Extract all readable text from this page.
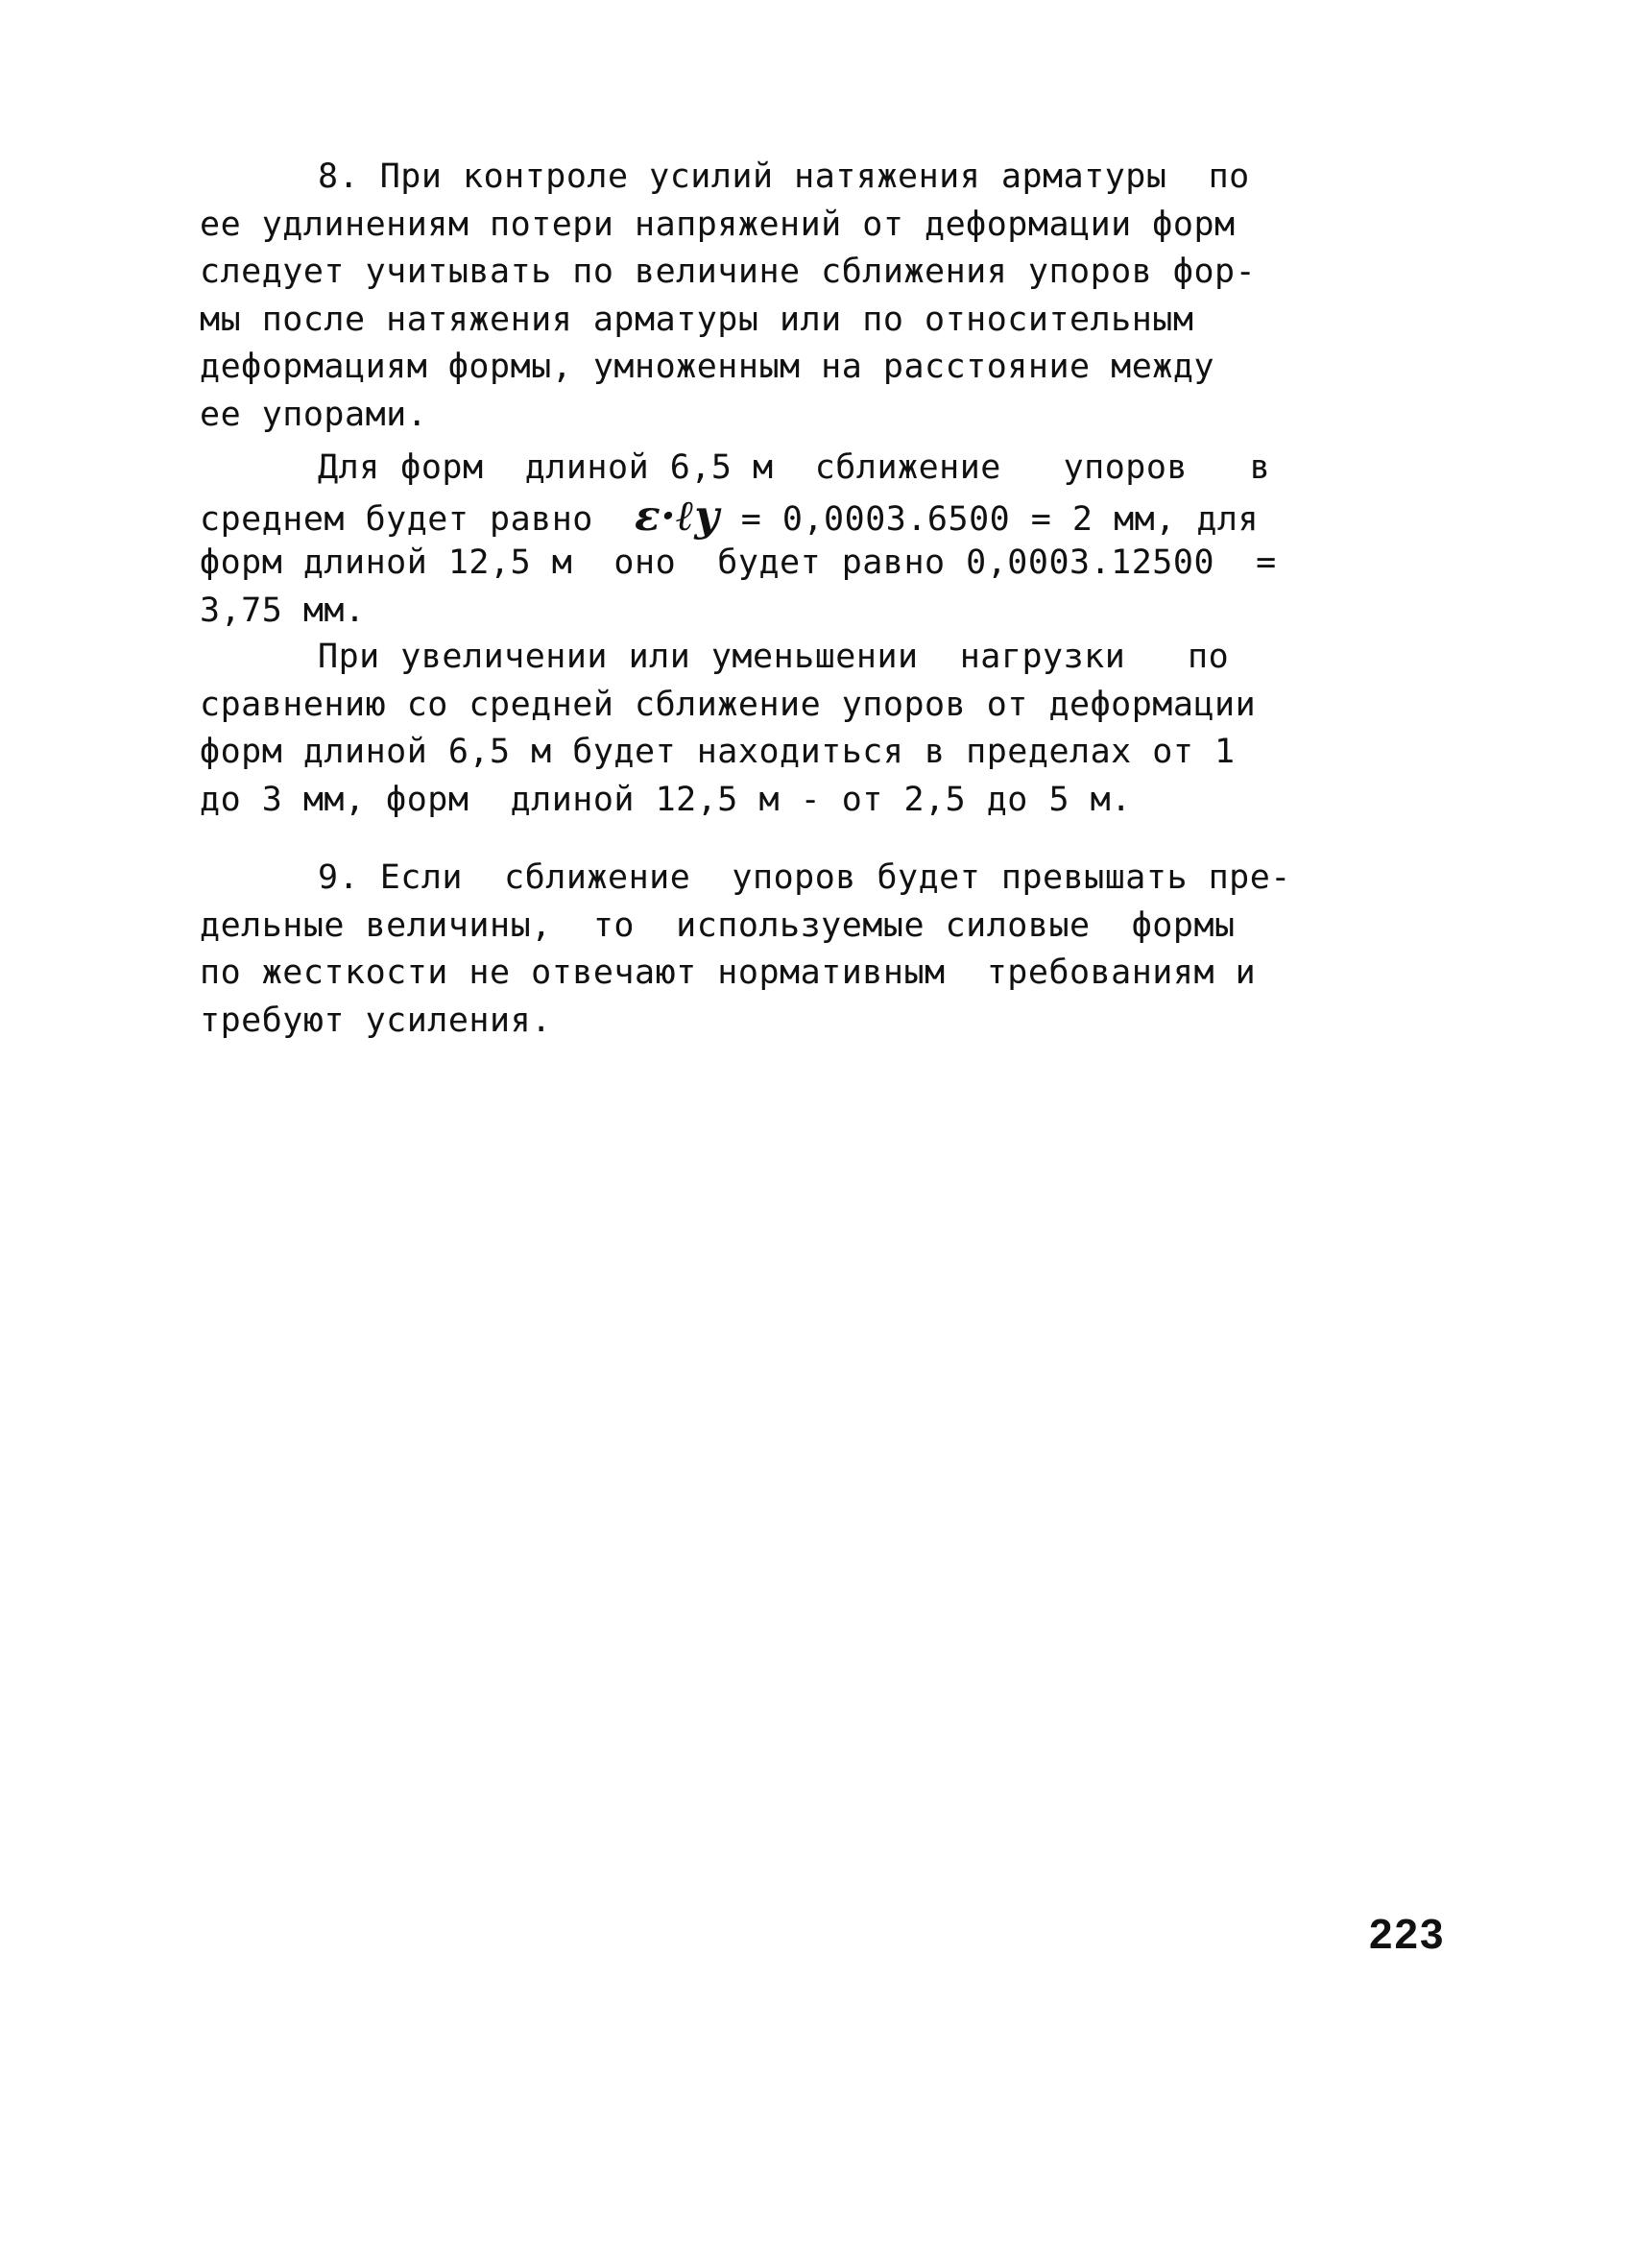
8. При контроле усилий натяжения арматуры  по
ее удлинениям потери напряжений от деформации форм
следует учитывать по величине сближения упоров фор-
мы после натяжения арматуры или по относительным
деформациям формы, умноженным на расстояние между
ее упорами.
Для форм  длиной 6,5 м  сближение   упоров   в
среднем будет равно  ε·ℓу = 0,0003.6500 = 2 мм, для
форм длиной 12,5 м  оно  будет равно 0,0003.12500  =
3,75 мм.
При увеличении или уменьшении  нагрузки   по
сравнению со средней сближение упоров от деформации
форм длиной 6,5 м будет находиться в пределах от 1
до 3 мм, форм  длиной 12,5 м - от 2,5 до 5 м.
9. Если  сближение  упоров будет превышать пре-
дельные величины,  то  используемые силовые  формы
по жесткости не отвечают нормативным  требованиям и
требуют усиления.
223
